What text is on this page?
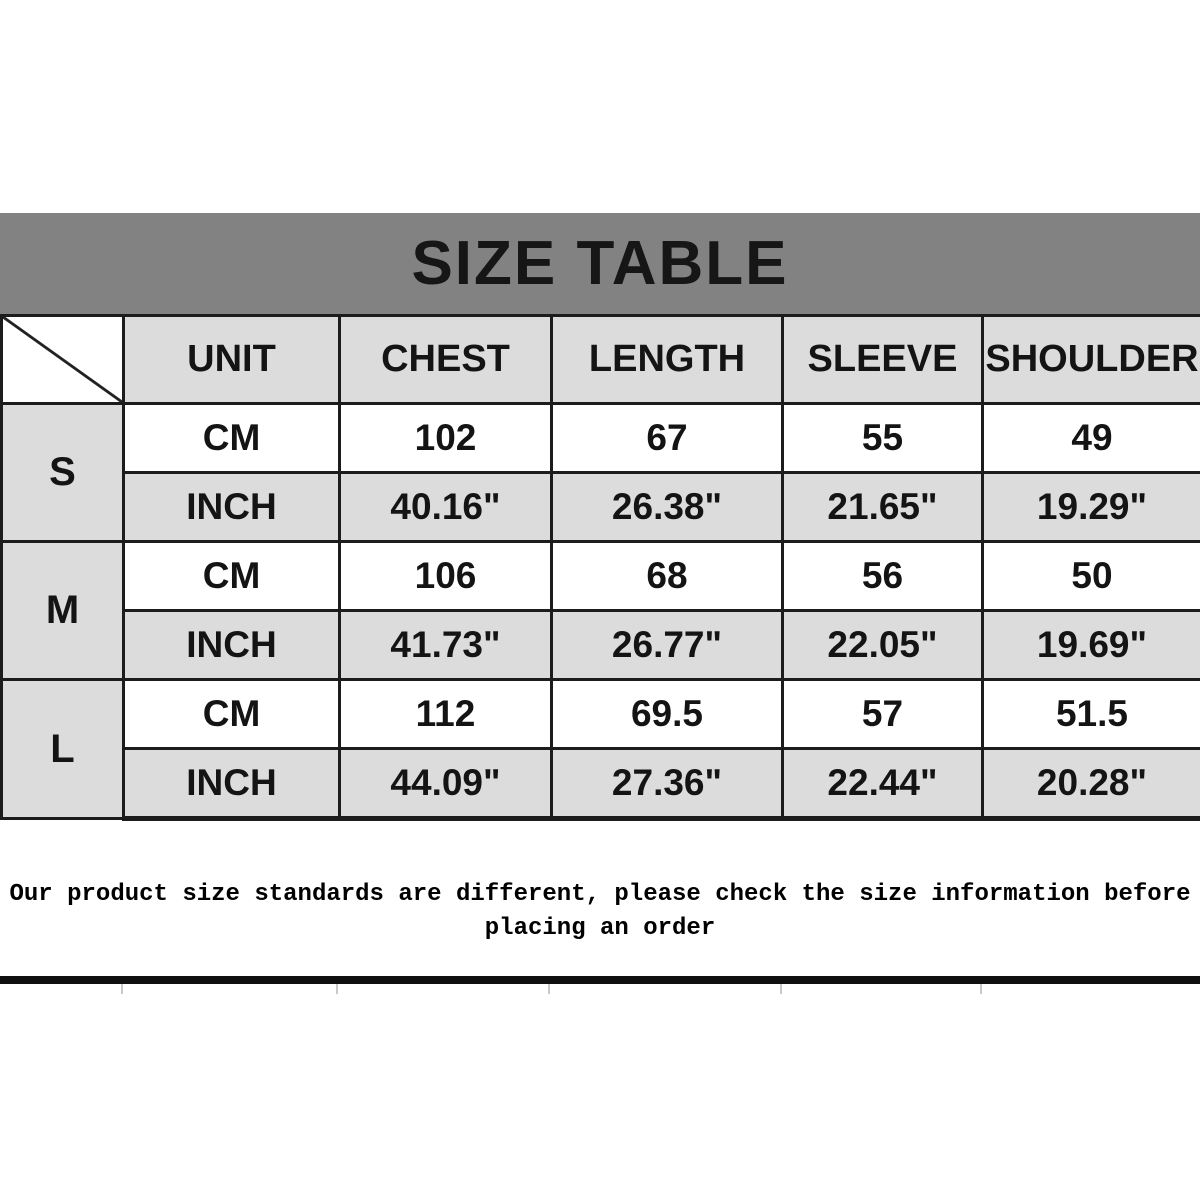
SIZE TABLE
	UNIT	CHEST	LENGTH	SLEEVE	SHOULDER
S	CM	102	67	55	49
	INCH	40.16"	26.38"	21.65"	19.29"
M	CM	106	68	56	50
	INCH	41.73"	26.77"	22.05"	19.69"
L	CM	112	69.5	57	51.5
	INCH	44.09"	27.36"	22.44"	20.28"
Our product size standards are different, please check the size information before
placing an order
